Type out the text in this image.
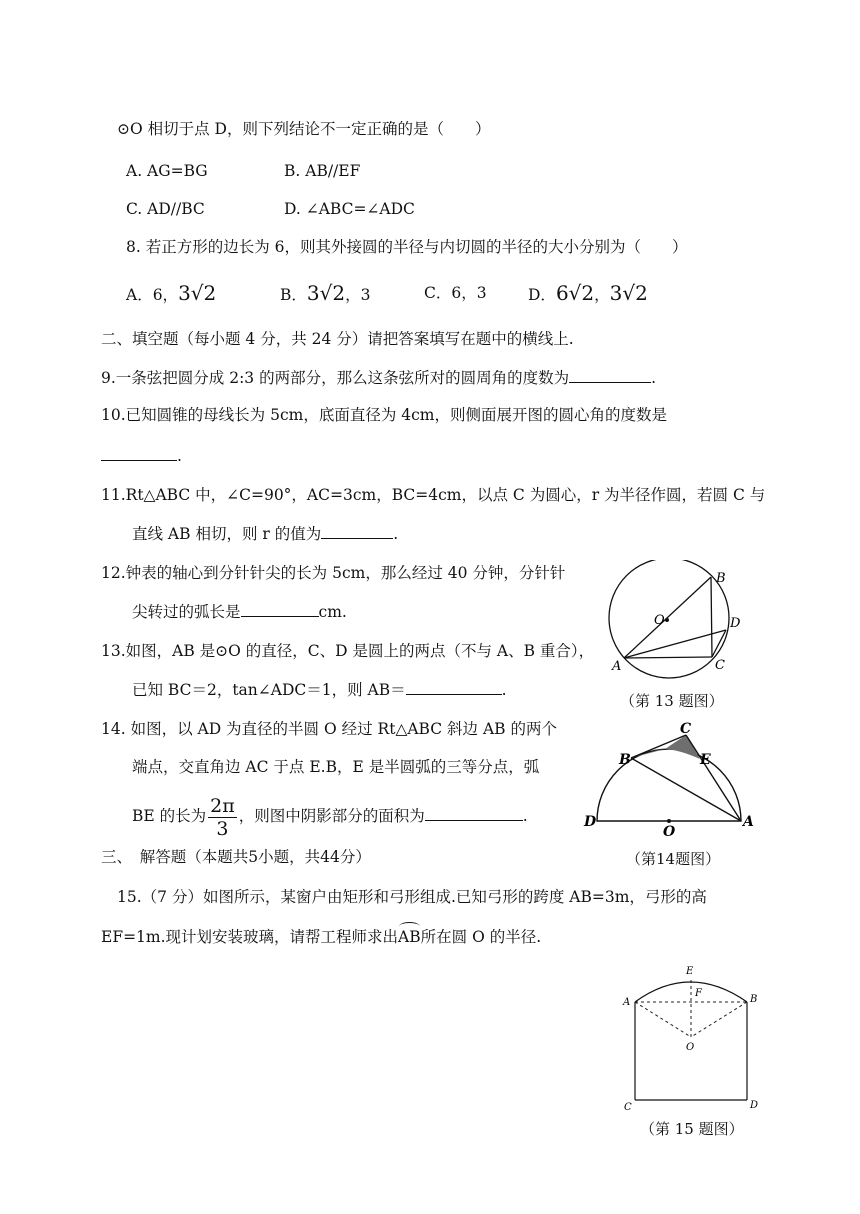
⊙O 相切于点 D，则下列结论不一定正确的是（　　）
A. AG=BG	B. AB//EF
C. AD//BC	D. ∠ABC=∠ADC
8. 若正方形的边长为 6，则其外接圆的半径与内切圆的半径的大小分别为（　　）
A．6，3√2	B．3√2，3	C．6，3	D．6√2，3√2
二、填空题（每小题 4 分，共 24 分）请把答案填写在题中的横线上.
9.一条弦把圆分成 2:3 的两部分，那么这条弦所对的圆周角的度数为	.
10.已知圆锥的母线长为 5cm，底面直径为 4cm，则侧面展开图的圆心角的度数是
.
11.Rt△ABC 中，∠C=90°，AC=3cm，BC=4cm，以点 C 为圆心，r 为半径作圆，若圆 C 与
直线 AB 相切，则 r 的值为	.
12.钟表的轴心到分针针尖的长为 5cm，那么经过 40 分钟，分针针
尖转过的弧长是	cm.
13.如图，AB 是⊙O 的直径，C、D 是圆上的两点（不与 A、B 重合），
已知 BC＝2，tan∠ADC＝1，则 AB＝	.
B
D
O
A	C
（第 13 题图）
14. 如图，以 AD 为直径的半圆 O 经过 Rt△ABC 斜边 AB 的两个
端点，交直角边 AC 于点 E.B，E 是半圆弧的三等分点，弧
BE 的长为 $\frac{2\pi}{3}$ ，则图中阴影部分的面积为	.
C
B	E
D
O
A
（第14题图）
三、　解答题（本题共5小题，共44分）
15.（7 分）如图所示，某窗户由矩形和弓形组成.已知弓形的跨度 AB=3m，弓形的高
EF=1m.现计划安装玻璃，请帮工程师求出
AB所在圆 O 的半径.
E
F
A	B
O
C	D
（第 15 题图）
